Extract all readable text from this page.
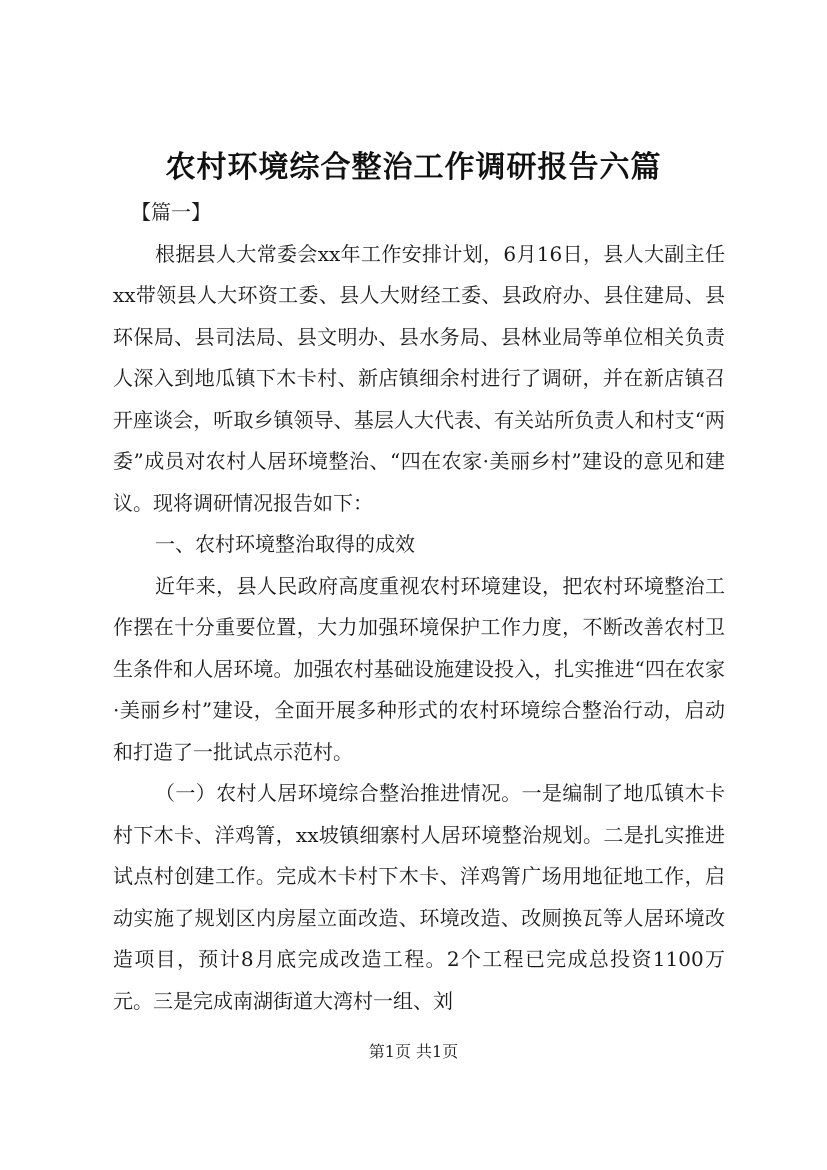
农村环境综合整治工作调研报告六篇

【篇一】

根据县人大常委会xx年工作安排计划，6月16日，县人大副主任xx带领县人大环资工委、县人大财经工委、县政府办、县住建局、县环保局、县司法局、县文明办、县水务局、县林业局等单位相关负责人深入到地瓜镇下木卡村、新店镇细余村进行了调研，并在新店镇召开座谈会，听取乡镇领导、基层人大代表、有关站所负责人和村支“两委”成员对农村人居环境整治、“四在农家·美丽乡村”建设的意见和建议。现将调研情况报告如下：

一、农村环境整治取得的成效

近年来，县人民政府高度重视农村环境建设，把农村环境整治工作摆在十分重要位置，大力加强环境保护工作力度，不断改善农村卫生条件和人居环境。加强农村基础设施建设投入，扎实推进“四在农家·美丽乡村”建设，全面开展多种形式的农村环境综合整治行动，启动和打造了一批试点示范村。

（一）农村人居环境综合整治推进情况。一是编制了地瓜镇木卡村下木卡、洋鸡箐，xx坡镇细寨村人居环境整治规划。二是扎实推进试点村创建工作。完成木卡村下木卡、洋鸡箐广场用地征地工作，启动实施了规划区内房屋立面改造、环境改造、改厕换瓦等人居环境改造项目，预计8月底完成改造工程。2个工程已完成总投资1100万元。三是完成南湖街道大湾村一组、刘

第1页 共1页
